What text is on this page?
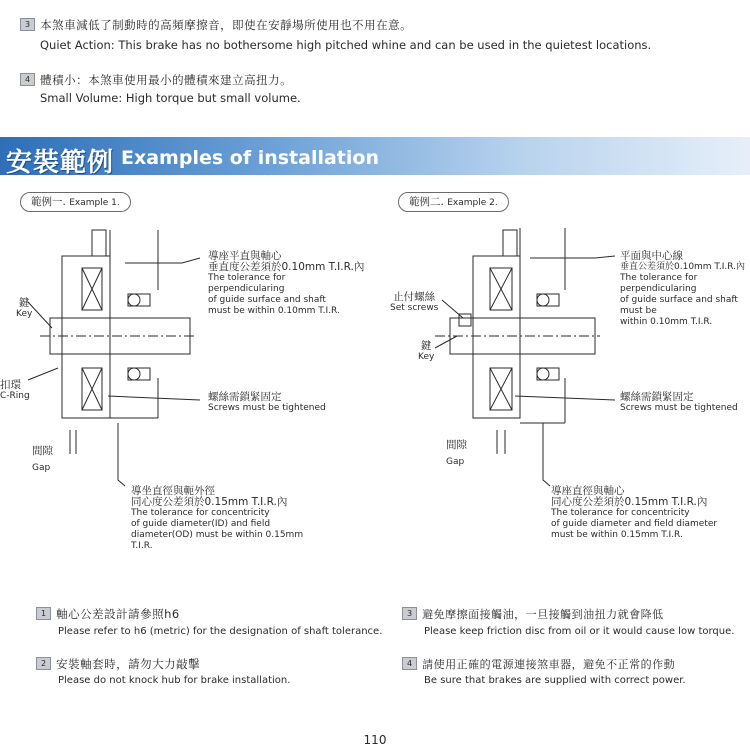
3 本煞車減低了制動時的高頻摩擦音，即使在安靜場所使用也不用在意。
Quiet Action: This brake has no bothersome high pitched whine and can be used in the quietest locations.
4 體積小：本煞車使用最小的體積來建立高扭力。
Small Volume: High torque but small volume.
安裝範例 Examples of installation
範例一. Example 1.	範例二. Example 2.
鍵
Key
扣環
C-Ring
間隙
Gap
導座平直與軸心
垂直度公差須於0.10mm T.I.R.內
The tolerance for
perpendicularing
of guide surface and shaft
must be within 0.10mm T.I.R.
螺絲需鎖緊固定
Screws must be tightened
導坐直徑與軛外徑
同心度公差須於0.15mm T.I.R.內
The tolerance for concentricity
of guide diameter(ID) and field
diameter(OD) must be within 0.15mm
T.I.R.
止付螺絲
Set screws
鍵
Key
間隙
Gap
平面與中心線
垂直公差須於0.10mm T.I.R.內
The tolerance for
perpendicularing
of guide surface and shaft
must be
within 0.10mm T.I.R.
螺絲需鎖緊固定
Screws must be tightened
導座直徑與軸心
同心度公差須於0.15mm T.I.R.內
The tolerance for concentricity
of guide diameter and field diameter
must be within 0.15mm T.I.R.
1 軸心公差設計請參照h6
Please refer to h6 (metric) for the designation of shaft tolerance.
2 安裝軸套時，請勿大力敲擊
Please do not knock hub for brake installation.
3 避免摩擦面接觸油，一旦接觸到油扭力就會降低
Please keep friction disc from oil or it would cause low torque.
4 請使用正確的電源連接煞車器，避免不正常的作動
Be sure that brakes are supplied with correct power.
110
